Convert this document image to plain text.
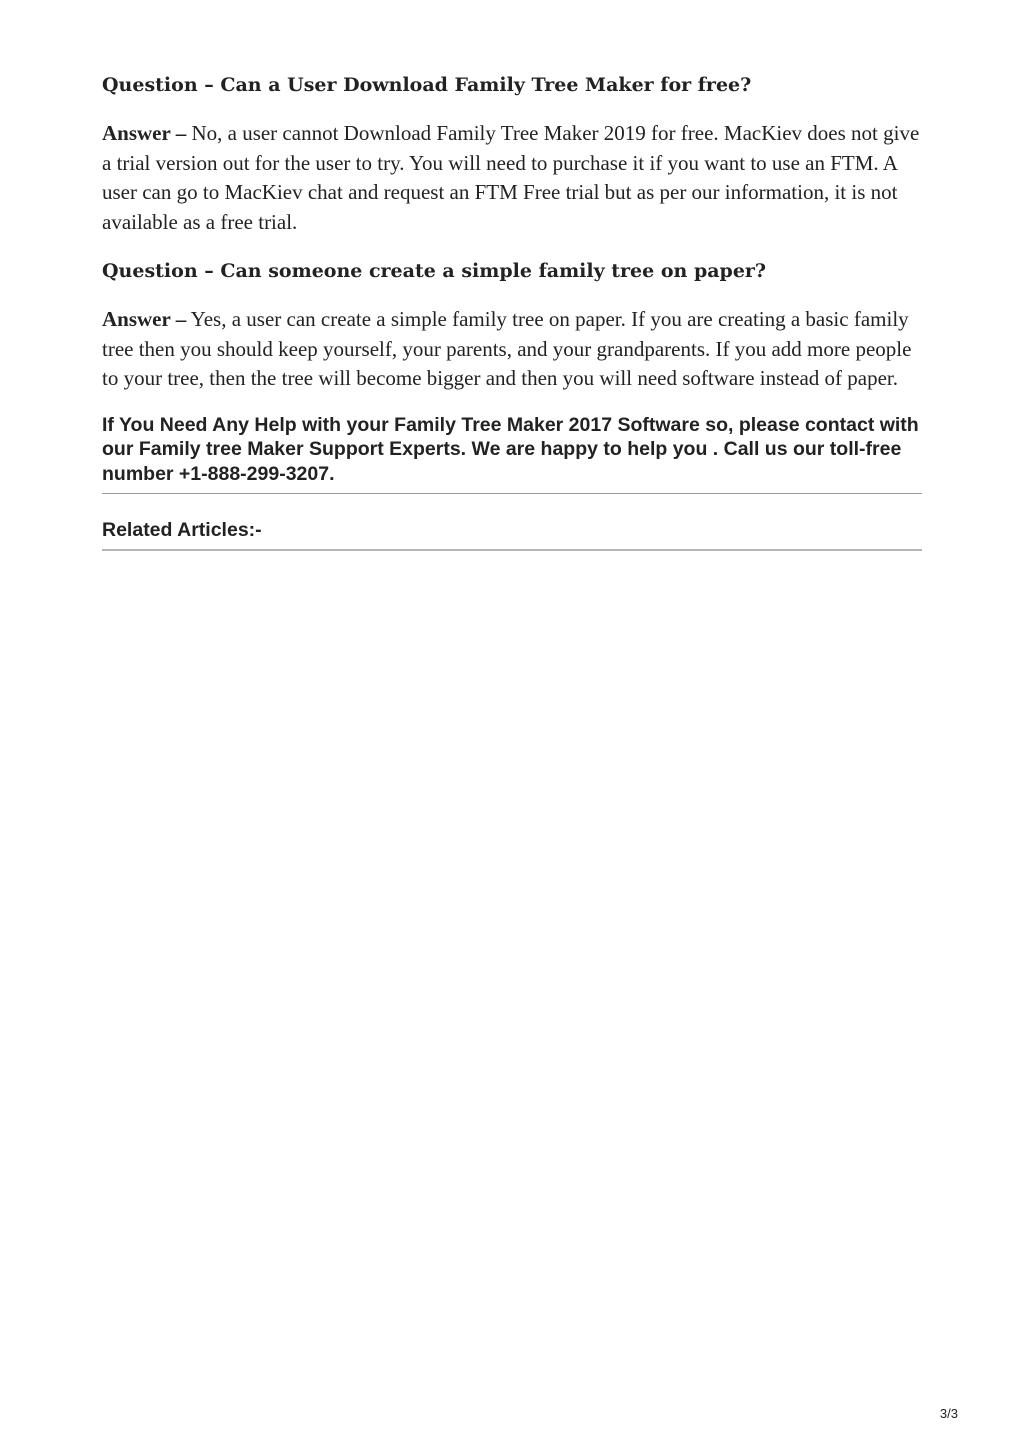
Question – Can a User Download Family Tree Maker for free?

Answer – No, a user cannot Download Family Tree Maker 2019 for free. MacKiev does not give a trial version out for the user to try. You will need to purchase it if you want to use an FTM. A user can go to MacKiev chat and request an FTM Free trial but as per our information, it is not available as a free trial.

Question – Can someone create a simple family tree on paper?

Answer – Yes, a user can create a simple family tree on paper. If you are creating a basic family tree then you should keep yourself, your parents, and your grandparents. If you add more people to your tree, then the tree will become bigger and then you will need software instead of paper.

If You Need Any Help with your Family Tree Maker 2017 Software so, please contact with our Family tree Maker Support Experts. We are happy to help you . Call us our toll-free number +1-888-299-3207.

Related Articles:-

3/3
